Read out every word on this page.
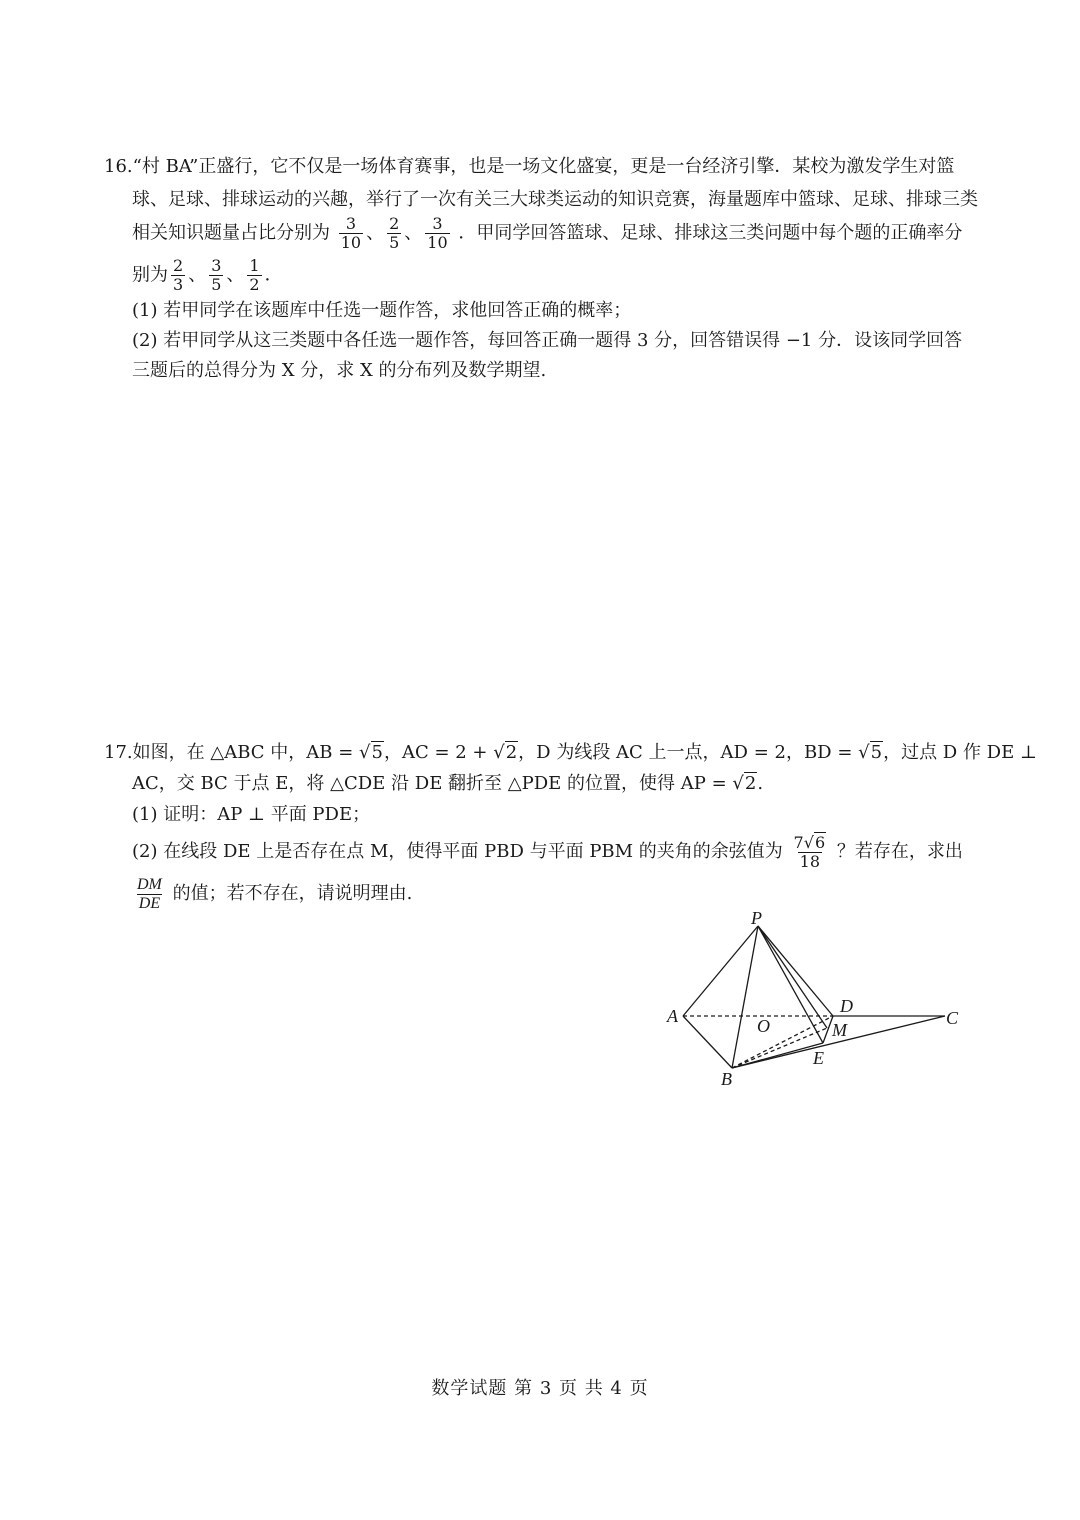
16.“村 BA”正盛行，它不仅是一场体育赛事，也是一场文化盛宴，更是一台经济引擎．某校为激发学生对篮
球、足球、排球运动的兴趣，举行了一次有关三大球类运动的知识竞赛，海量题库中篮球、足球、排球三类
相关知识题量占比分别为 $\frac{3}{10}$ 、 $\frac{2}{5}$ 、 $\frac{3}{10}$ ．甲同学回答篮球、足球、排球这三类问题中每个题的正确率分
别为 $\frac{2}{3}$ 、 $\frac{3}{5}$ 、 $\frac{1}{2}$ ．
(1) 若甲同学在该题库中任选一题作答，求他回答正确的概率；
(2) 若甲同学从这三类题中各任选一题作答，每回答正确一题得 3 分，回答错误得 −1 分．设该同学回答
三题后的总得分为 X 分，求 X 的分布列及数学期望.
17.如图，在 △ABC 中，AB = √5，AC = 2 + √2，D 为线段 AC 上一点，AD = 2，BD = √5，过点 D 作 DE ⊥
AC，交 BC 于点 E，将 △CDE 沿 DE 翻折至 △PDE 的位置，使得 AP = √2.
(1) 证明：AP ⊥ 平面 PDE；
(2) 在线段 DE 上是否存在点 M，使得平面 PBD 与平面 PBM 的夹角的余弦值为 $\frac{7√6}{18}$ ？若存在，求出
$\frac{DM}{DE}$ 的值；若不存在，请说明理由.
P
A	O
D
M
C
E
B
数学试题 第 3 页 共 4 页
